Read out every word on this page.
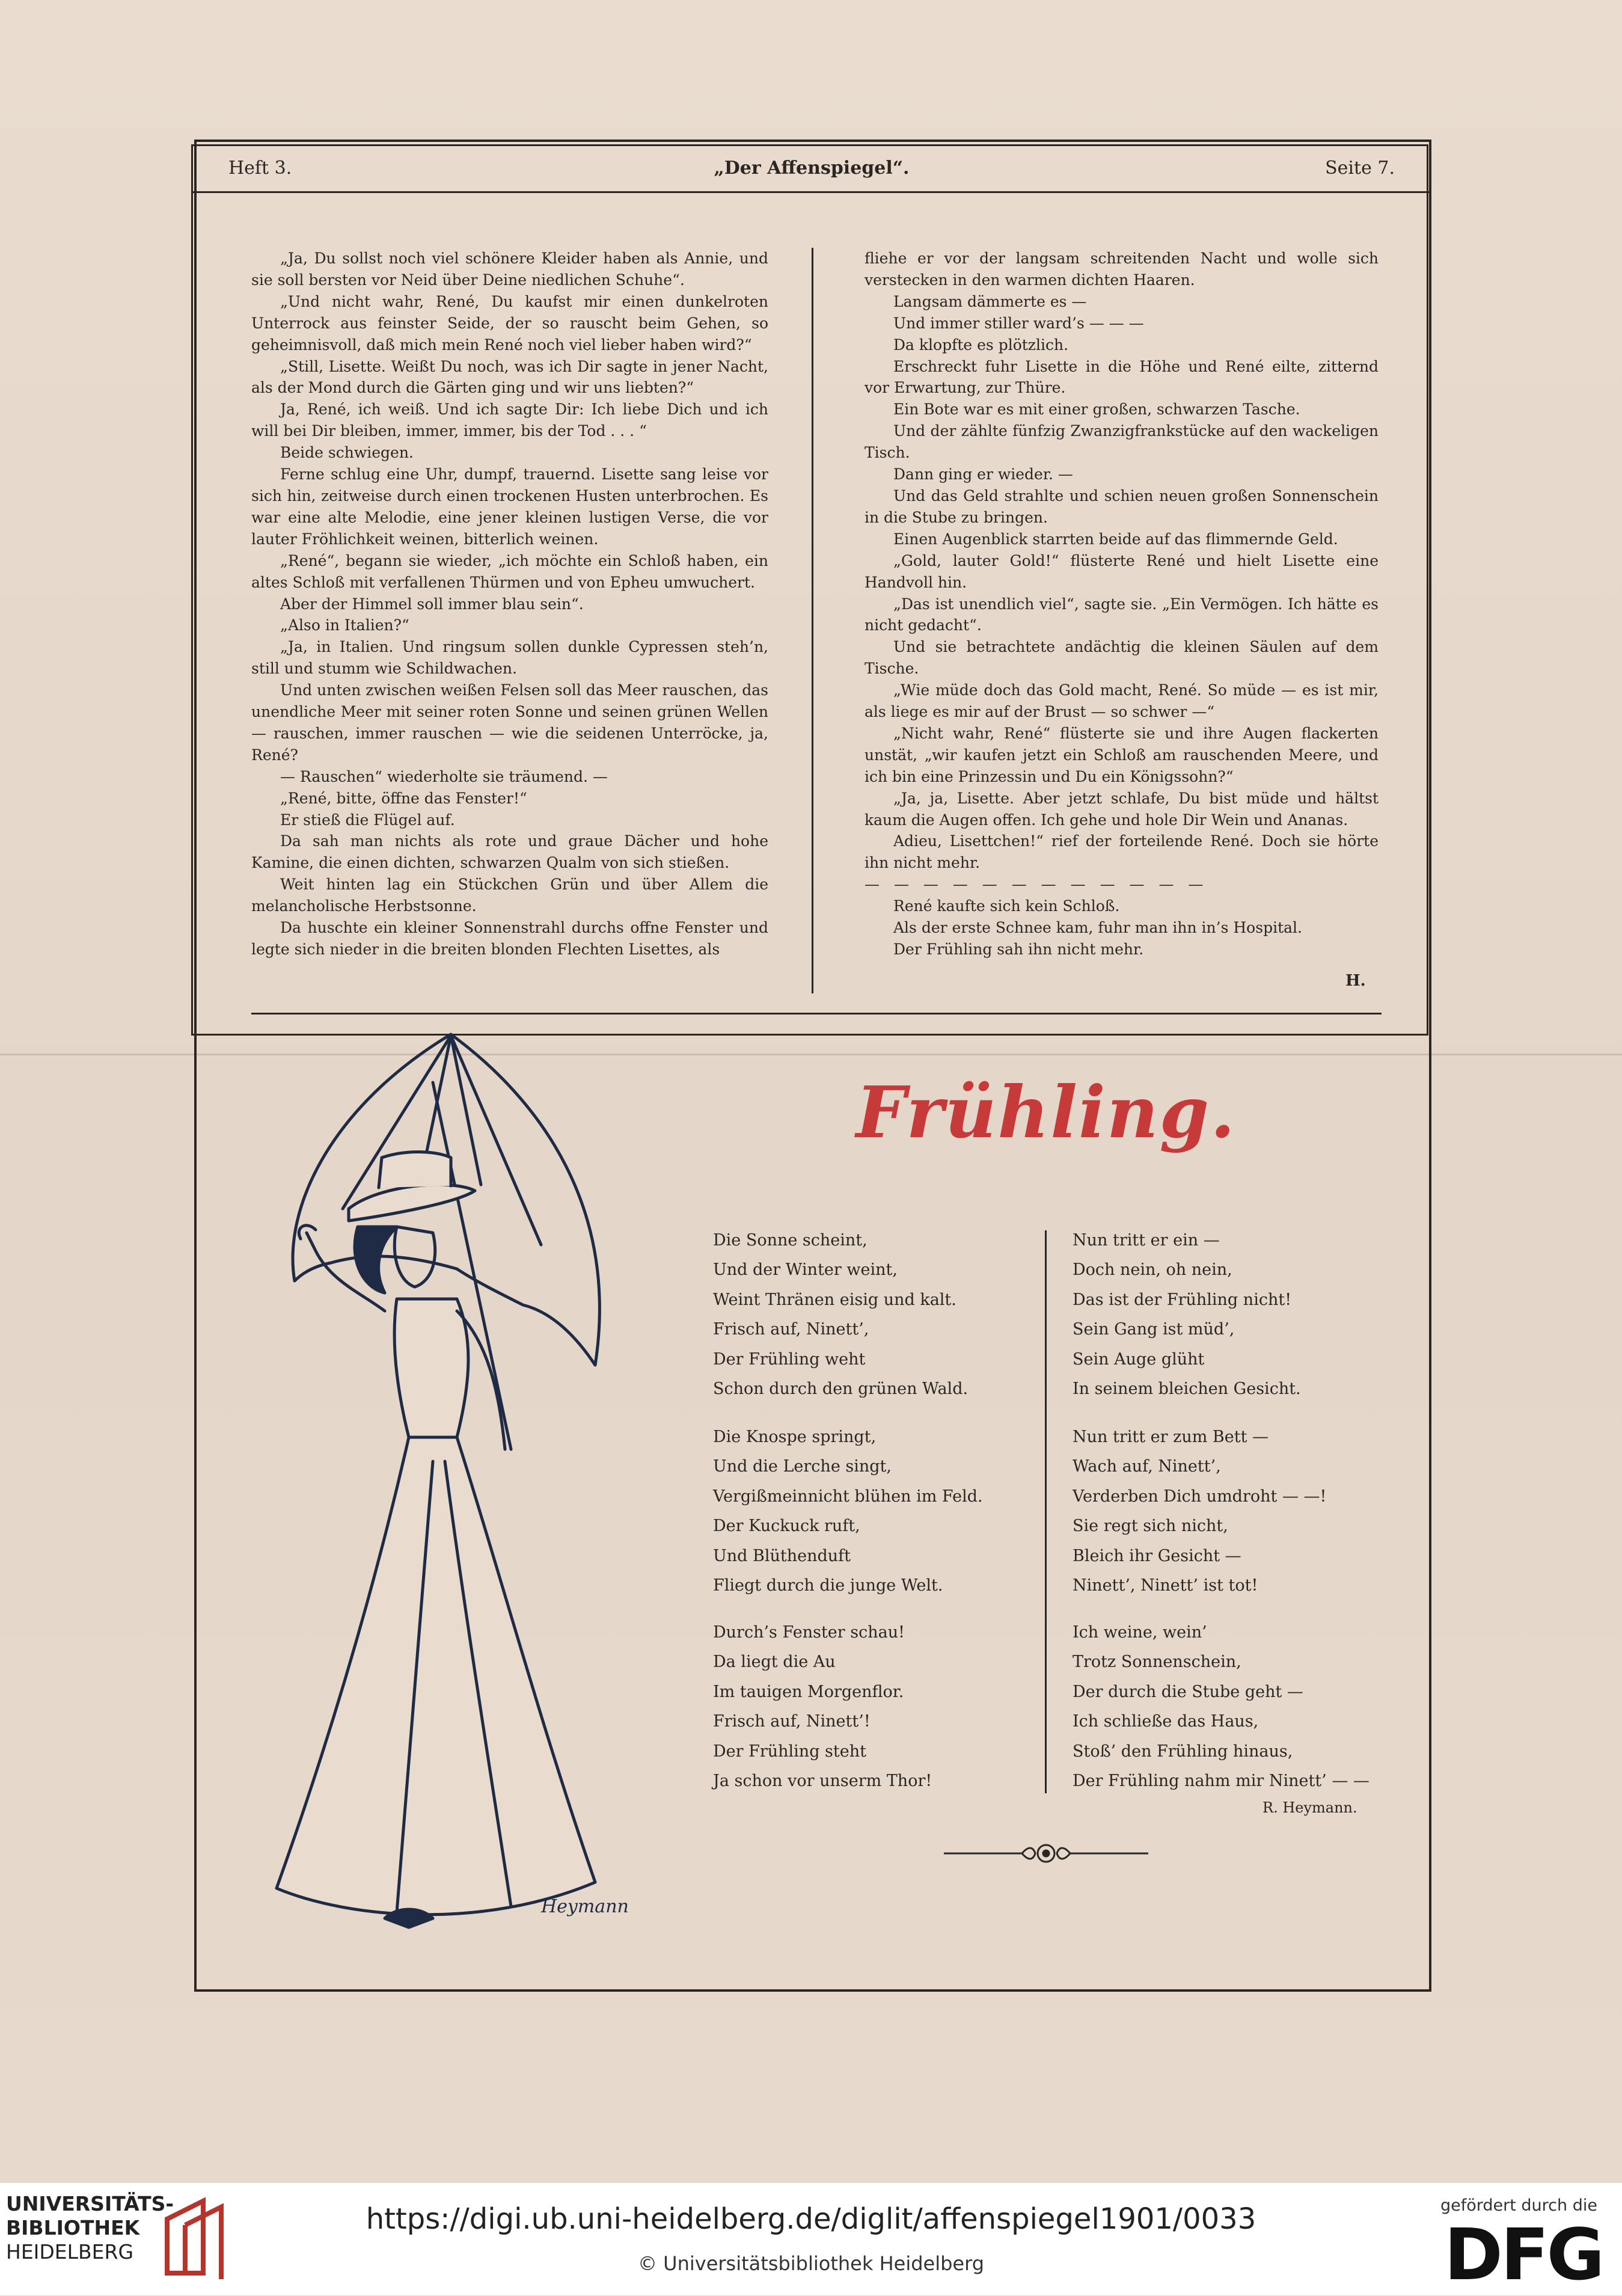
Heft 3.	„Der Affenspiegel“.	Seite 7.

„Ja, Du sollst noch viel schönere Kleider haben als Annie, und sie soll bersten vor Neid über Deine niedlichen Schuhe“.

„Und nicht wahr, René, Du kaufst mir einen dunkelroten Unterrock aus feinster Seide, der so rauscht beim Gehen, so geheimnisvoll, daß mich mein René noch viel lieber haben wird?“

„Still, Lisette. Weißt Du noch, was ich Dir sagte in jener Nacht, als der Mond durch die Gärten ging und wir uns liebten?“

Ja, René, ich weiß. Und ich sagte Dir: Ich liebe Dich und ich will bei Dir bleiben, immer, immer, bis der Tod . . . “

Beide schwiegen.

Ferne schlug eine Uhr, dumpf, trauernd. Lisette sang leise vor sich hin, zeitweise durch einen trockenen Husten unterbrochen. Es war eine alte Melodie, eine jener kleinen lustigen Verse, die vor lauter Fröhlichkeit weinen, bitterlich weinen.

„René“, begann sie wieder, „ich möchte ein Schloß haben, ein altes Schloß mit verfallenen Thürmen und von Epheu umwuchert.

Aber der Himmel soll immer blau sein“.

„Also in Italien?“

„Ja, in Italien. Und ringsum sollen dunkle Cypressen steh’n, still und stumm wie Schildwachen.

Und unten zwischen weißen Felsen soll das Meer rauschen, das unendliche Meer mit seiner roten Sonne und seinen grünen Wellen — rauschen, immer rauschen — wie die seidenen Unterröcke, ja, René?

— Rauschen“ wiederholte sie träumend. —

„René, bitte, öffne das Fenster!“

Er stieß die Flügel auf.

Da sah man nichts als rote und graue Dächer und hohe Kamine, die einen dichten, schwarzen Qualm von sich stießen.

Weit hinten lag ein Stückchen Grün und über Allem die melancholische Herbstsonne.

Da huschte ein kleiner Sonnenstrahl durchs offne Fenster und legte sich nieder in die breiten blonden Flechten Lisettes, als

fliehe er vor der langsam schreitenden Nacht und wolle sich verstecken in den warmen dichten Haaren.

Langsam dämmerte es —

Und immer stiller ward’s — — —

Da klopfte es plötzlich.

Erschreckt fuhr Lisette in die Höhe und René eilte, zitternd vor Erwartung, zur Thüre.

Ein Bote war es mit einer großen, schwarzen Tasche.

Und der zählte fünfzig Zwanzigfrankstücke auf den wackeligen Tisch.

Dann ging er wieder. —

Und das Geld strahlte und schien neuen großen Sonnenschein in die Stube zu bringen.

Einen Augenblick starrten beide auf das flimmernde Geld.

„Gold, lauter Gold!“ flüsterte René und hielt Lisette eine Handvoll hin.

„Das ist unendlich viel“, sagte sie. „Ein Vermögen. Ich hätte es nicht gedacht“.

Und sie betrachtete andächtig die kleinen Säulen auf dem Tische.

„Wie müde doch das Gold macht, René. So müde — es ist mir, als liege es mir auf der Brust — so schwer —“

„Nicht wahr, René“ flüsterte sie und ihre Augen flackerten unstät, „wir kaufen jetzt ein Schloß am rauschenden Meere, und ich bin eine Prinzessin und Du ein Königssohn?“

„Ja, ja, Lisette. Aber jetzt schlafe, Du bist müde und hältst kaum die Augen offen. Ich gehe und hole Dir Wein und Ananas.

Adieu, Lisettchen!“ rief der forteilende René. Doch sie hörte ihn nicht mehr.

— — — — — — — — — — — —

René kaufte sich kein Schloß.

Als der erste Schnee kam, fuhr man ihn in’s Hospital.

Der Frühling sah ihn nicht mehr.

H.
Heymann
Frühling.
Die Sonne scheint,
Und der Winter weint,
Weint Thränen eisig und kalt.
Frisch auf, Ninett’,
Der Frühling weht
Schon durch den grünen Wald.
Die Knospe springt,
Und die Lerche singt,
Vergißmeinnicht blühen im Feld.
Der Kuckuck ruft,
Und Blüthenduft
Fliegt durch die junge Welt.
Durch’s Fenster schau!
Da liegt die Au
Im tauigen Morgenflor.
Frisch auf, Ninett’!
Der Frühling steht
Ja schon vor unserm Thor!
Nun tritt er ein —
Doch nein, oh nein,
Das ist der Frühling nicht!
Sein Gang ist müd’,
Sein Auge glüht
In seinem bleichen Gesicht.
Nun tritt er zum Bett —
Wach auf, Ninett’,
Verderben Dich umdroht — —!
Sie regt sich nicht,
Bleich ihr Gesicht —
Ninett’, Ninett’ ist tot!
Ich weine, wein’
Trotz Sonnenschein,
Der durch die Stube geht —
Ich schließe das Haus,
Stoß’ den Frühling hinaus,
Der Frühling nahm mir Ninett’ — —
R. Heymann.
UNIVERSITÄTS-
BIBLIOTHEK
HEIDELBERG
https://digi.ub.uni-heidelberg.de/diglit/affenspiegel1901/0033
© Universitätsbibliothek Heidelberg
gefördert durch die
DFG
